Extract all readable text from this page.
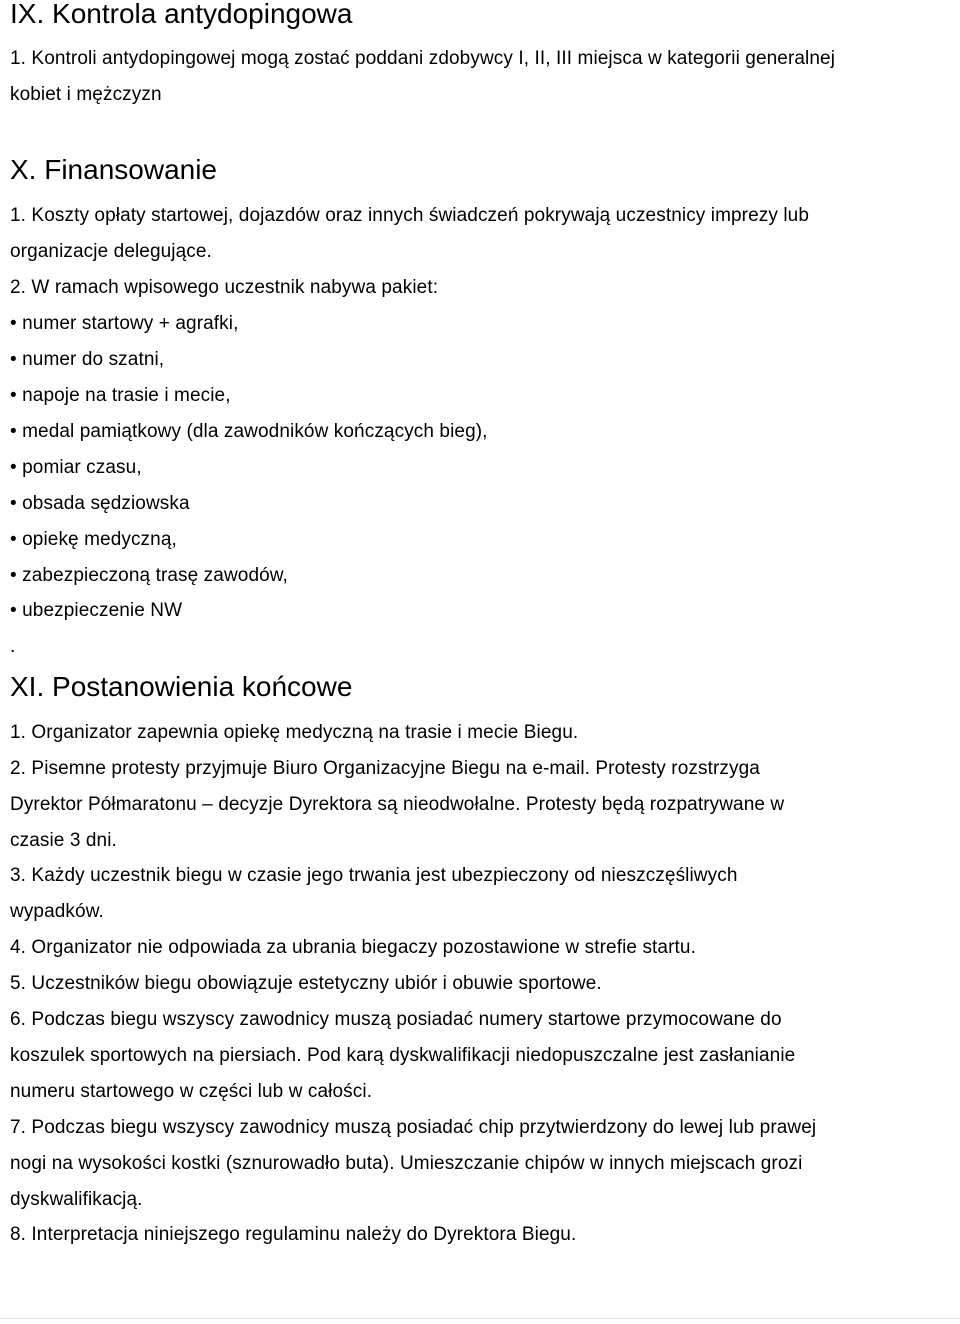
IX. Kontrola antydopingowa
1. Kontroli antydopingowej mogą zostać poddani zdobywcy I, II, III miejsca w kategorii generalnej
kobiet i mężczyzn
X. Finansowanie
1. Koszty opłaty startowej, dojazdów oraz innych świadczeń pokrywają uczestnicy imprezy lub
organizacje delegujące.
2. W ramach wpisowego uczestnik nabywa pakiet:
• numer startowy + agrafki,
• numer do szatni,
• napoje na trasie i mecie,
• medal pamiątkowy (dla zawodników kończących bieg),
• pomiar czasu,
• obsada sędziowska
• opiekę medyczną,
• zabezpieczoną trasę zawodów,
• ubezpieczenie NW
.
XI. Postanowienia końcowe
1. Organizator zapewnia opiekę medyczną na trasie i mecie Biegu.
2. Pisemne protesty przyjmuje Biuro Organizacyjne Biegu na e-mail. Protesty rozstrzyga
Dyrektor Półmaratonu – decyzje Dyrektora są nieodwołalne. Protesty będą rozpatrywane w
czasie 3 dni.
3. Każdy uczestnik biegu w czasie jego trwania jest ubezpieczony od nieszczęśliwych
wypadków.
4. Organizator nie odpowiada za ubrania biegaczy pozostawione w strefie startu.
5. Uczestników biegu obowiązuje estetyczny ubiór i obuwie sportowe.
6. Podczas biegu wszyscy zawodnicy muszą posiadać numery startowe przymocowane do
koszulek sportowych na piersiach. Pod karą dyskwalifikacji niedopuszczalne jest zasłanianie
numeru startowego w części lub w całości.
7. Podczas biegu wszyscy zawodnicy muszą posiadać chip przytwierdzony do lewej lub prawej
nogi na wysokości kostki (sznurowadło buta). Umieszczanie chipów w innych miejscach grozi
dyskwalifikacją.
8. Interpretacja niniejszego regulaminu należy do Dyrektora Biegu.
